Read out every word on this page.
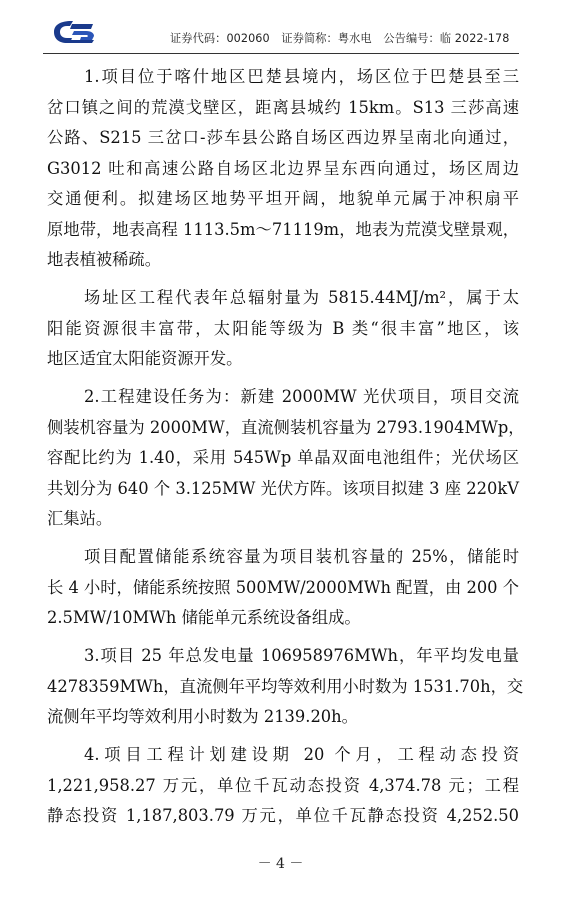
证券代码：002060 证券简称：粤水电 公告编号：临 2022-178
1.项目位于喀什地区巴楚县境内，场区位于巴楚县至三
岔口镇之间的荒漠戈壁区，距离县城约 15km。S13 三莎高速
公路、S215 三岔口-莎车县公路自场区西边界呈南北向通过，
G3012 吐和高速公路自场区北边界呈东西向通过，场区周边
交通便利。拟建场区地势平坦开阔，地貌单元属于冲积扇平
原地带，地表高程 1113.5m～71119m，地表为荒漠戈壁景观，
地表植被稀疏。
场址区工程代表年总辐射量为 5815.44MJ/m²，属于太
阳能资源很丰富带，太阳能等级为 B 类“很丰富”地区，该
地区适宜太阳能资源开发。
2.工程建设任务为：新建 2000MW 光伏项目，项目交流
侧装机容量为 2000MW，直流侧装机容量为 2793.1904MWp，
容配比约为 1.40，采用 545Wp 单晶双面电池组件；光伏场区
共划分为 640 个 3.125MW 光伏方阵。该项目拟建 3 座 220kV
汇集站。
项目配置储能系统容量为项目装机容量的 25%，储能时
长 4 小时，储能系统按照 500MW/2000MWh 配置，由 200 个
2.5MW/10MWh 储能单元系统设备组成。
3.项目 25 年总发电量 106958976MWh，年平均发电量
4278359MWh，直流侧年平均等效利用小时数为 1531.70h，交
流侧年平均等效利用小时数为 2139.20h。
4.项目工程计划建设期 20 个月，工程动态投资
1,221,958.27 万元，单位千瓦动态投资 4,374.78 元；工程
静态投资 1,187,803.79 万元，单位千瓦静态投资 4,252.50
－ 4 －
